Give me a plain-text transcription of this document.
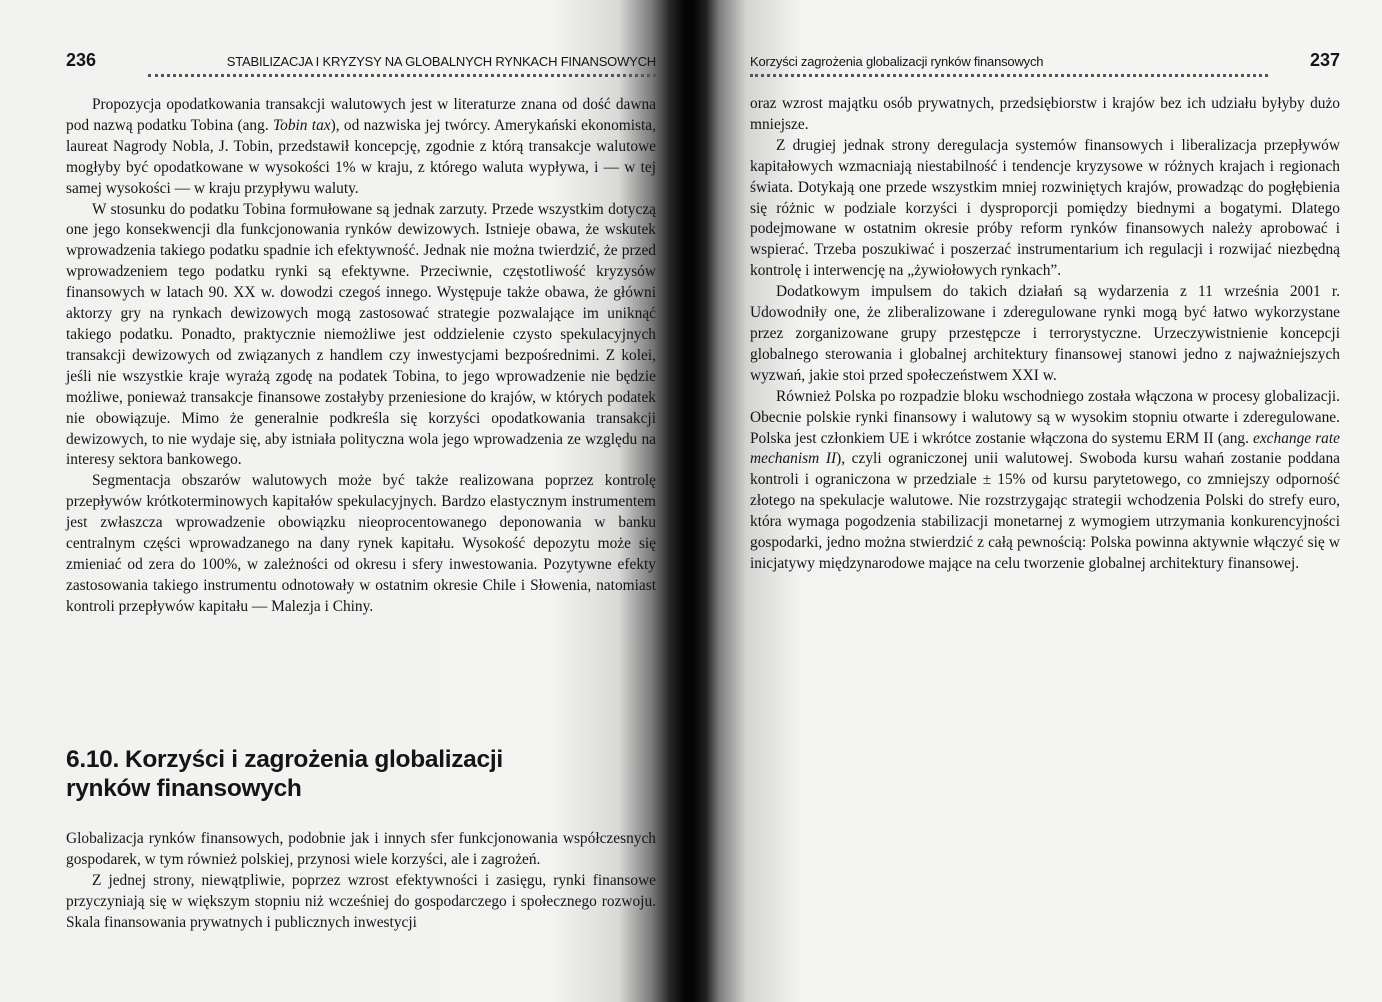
236	STABILIZACJA I KRYZYSY NA GLOBALNYCH RYNKACH FINANSOWYCH

Propozycja opodatkowania transakcji walutowych jest w literaturze znana od dość dawna pod nazwą podatku Tobina (ang. Tobin tax), od nazwiska jej twórcy. Amerykański ekonomista, laureat Nagrody Nobla, J. Tobin, przedstawił koncepcję, zgodnie z którą transakcje walutowe mogłyby być opodatkowane w wysokości 1% w kraju, z którego waluta wypływa, i — w tej samej wysokości — w kraju przypływu waluty.

W stosunku do podatku Tobina formułowane są jednak zarzuty. Przede wszystkim dotyczą one jego konsekwencji dla funkcjonowania rynków dewizowych. Istnieje obawa, że wskutek wprowadzenia takiego podatku spadnie ich efektywność. Jednak nie można twierdzić, że przed wprowadzeniem tego podatku rynki są efektywne. Przeciwnie, częstotliwość kryzysów finansowych w latach 90. XX w. dowodzi czegoś innego. Występuje także obawa, że główni aktorzy gry na rynkach dewizowych mogą zastosować strategie pozwalające im uniknąć takiego podatku. Ponadto, praktycznie niemożliwe jest oddzielenie czysto spekulacyjnych transakcji dewizowych od związanych z handlem czy inwestycjami bezpośrednimi. Z kolei, jeśli nie wszystkie kraje wyrażą zgodę na podatek Tobina, to jego wprowadzenie nie będzie możliwe, ponieważ transakcje finansowe zostałyby przeniesione do krajów, w których podatek nie obowiązuje. Mimo że generalnie podkreśla się korzyści opodatkowania transakcji dewizowych, to nie wydaje się, aby istniała polityczna wola jego wprowadzenia ze względu na interesy sektora bankowego.

Segmentacja obszarów walutowych może być także realizowana poprzez kontrolę przepływów krótkoterminowych kapitałów spekulacyjnych. Bardzo elastycznym instrumentem jest zwłaszcza wprowadzenie obowiązku nieoprocentowanego deponowania w banku centralnym części wprowadzanego na dany rynek kapitału. Wysokość depozytu może się zmieniać od zera do 100%, w zależności od okresu i sfery inwestowania. Pozytywne efekty zastosowania takiego instrumentu odnotowały w ostatnim okresie Chile i Słowenia, natomiast kontroli przepływów kapitału — Malezja i Chiny.

6.10. Korzyści i zagrożenia globalizacji
rynków finansowych

Globalizacja rynków finansowych, podobnie jak i innych sfer funkcjonowania współczesnych gospodarek, w tym również polskiej, przynosi wiele korzyści, ale i zagrożeń.

Z jednej strony, niewątpliwie, poprzez wzrost efektywności i zasięgu, rynki finansowe przyczyniają się w większym stopniu niż wcześniej do gospodarczego i społecznego rozwoju. Skala finansowania prywatnych i publicznych inwestycji

Korzyści zagrożenia globalizacji rynków finansowych	237

oraz wzrost majątku osób prywatnych, przedsiębiorstw i krajów bez ich udziału byłyby dużo mniejsze.

Z drugiej jednak strony deregulacja systemów finansowych i liberalizacja przepływów kapitałowych wzmacniają niestabilność i tendencje kryzysowe w różnych krajach i regionach świata. Dotykają one przede wszystkim mniej rozwiniętych krajów, prowadząc do pogłębienia się różnic w podziale korzyści i dysproporcji pomiędzy biednymi a bogatymi. Dlatego podejmowane w ostatnim okresie próby reform rynków finansowych należy aprobować i wspierać. Trzeba poszukiwać i poszerzać instrumentarium ich regulacji i rozwijać niezbędną kontrolę i interwencję na „żywiołowych rynkach”.

Dodatkowym impulsem do takich działań są wydarzenia z 11 września 2001 r. Udowodniły one, że zliberalizowane i zderegulowane rynki mogą być łatwo wykorzystane przez zorganizowane grupy przestępcze i terrorystyczne. Urzeczywistnienie koncepcji globalnego sterowania i globalnej architektury finansowej stanowi jedno z najważniejszych wyzwań, jakie stoi przed społeczeństwem XXI w.

Również Polska po rozpadzie bloku wschodniego została włączona w procesy globalizacji. Obecnie polskie rynki finansowy i walutowy są w wysokim stopniu otwarte i zderegulowane. Polska jest członkiem UE i wkrótce zostanie włączona do systemu ERM II (ang. exchange rate mechanism II), czyli ograniczonej unii walutowej. Swoboda kursu wahań zostanie poddana kontroli i ograniczona w przedziale ± 15% od kursu parytetowego, co zmniejszy odporność złotego na spekulacje walutowe. Nie rozstrzygając strategii wchodzenia Polski do strefy euro, która wymaga pogodzenia stabilizacji monetarnej z wymogiem utrzymania konkurencyjności gospodarki, jedno można stwierdzić z całą pewnością: Polska powinna aktywnie włączyć się w inicjatywy międzynarodowe mające na celu tworzenie globalnej architektury finansowej.
